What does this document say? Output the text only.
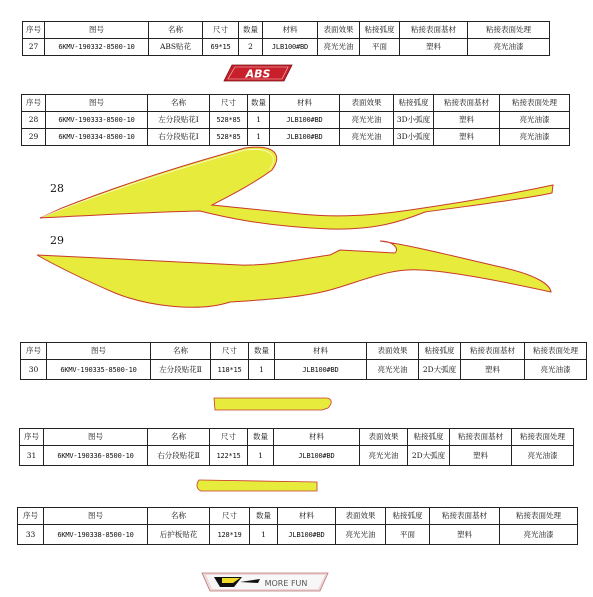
序号	图号	名称	尺寸	数量	材料	表面效果	粘接弧度	粘接表面基材	粘接表面处理
27	6KMV-190332-8500-10	ABS贴花	69*15	2	JLB100#BD	亮光光油	平面	塑料	亮光油漆
ABS
序号	图号	名称	尺寸	数量	材料	表面效果	粘接弧度	粘接表面基材	粘接表面处理
28	6KMV-190333-8500-10	左分段贴花Ⅰ	528*85	1	JLB100#BD	亮光光油	3D小弧度	塑料	亮光油漆
29	6KMV-190334-8500-10	右分段贴花Ⅰ	528*85	1	JLB100#BD	亮光光油	3D小弧度	塑料	亮光油漆
28
29
序号	图号	名称	尺寸	数量	材料	表面效果	粘接弧度	粘接表面基材	粘接表面处理
30	6KMV-190335-8500-10	左分段贴花Ⅱ	118*15	1	JLB100#BD	亮光光油	2D大弧度	塑料	亮光油漆
序号	图号	名称	尺寸	数量	材料	表面效果	粘接弧度	粘接表面基材	粘接表面处理
31	6KMV-190336-8500-10	右分段贴花Ⅱ	122*15	1	JLB100#BD	亮光光油	2D大弧度	塑料	亮光油漆
序号	图号	名称	尺寸	数量	材料	表面效果	粘接弧度	粘接表面基材	粘接表面处理
33	6KMV-190338-8500-10	后护板贴花	128*19	1	JLB100#BD	亮光光油	平面	塑料	亮光油漆
MORE FUN
